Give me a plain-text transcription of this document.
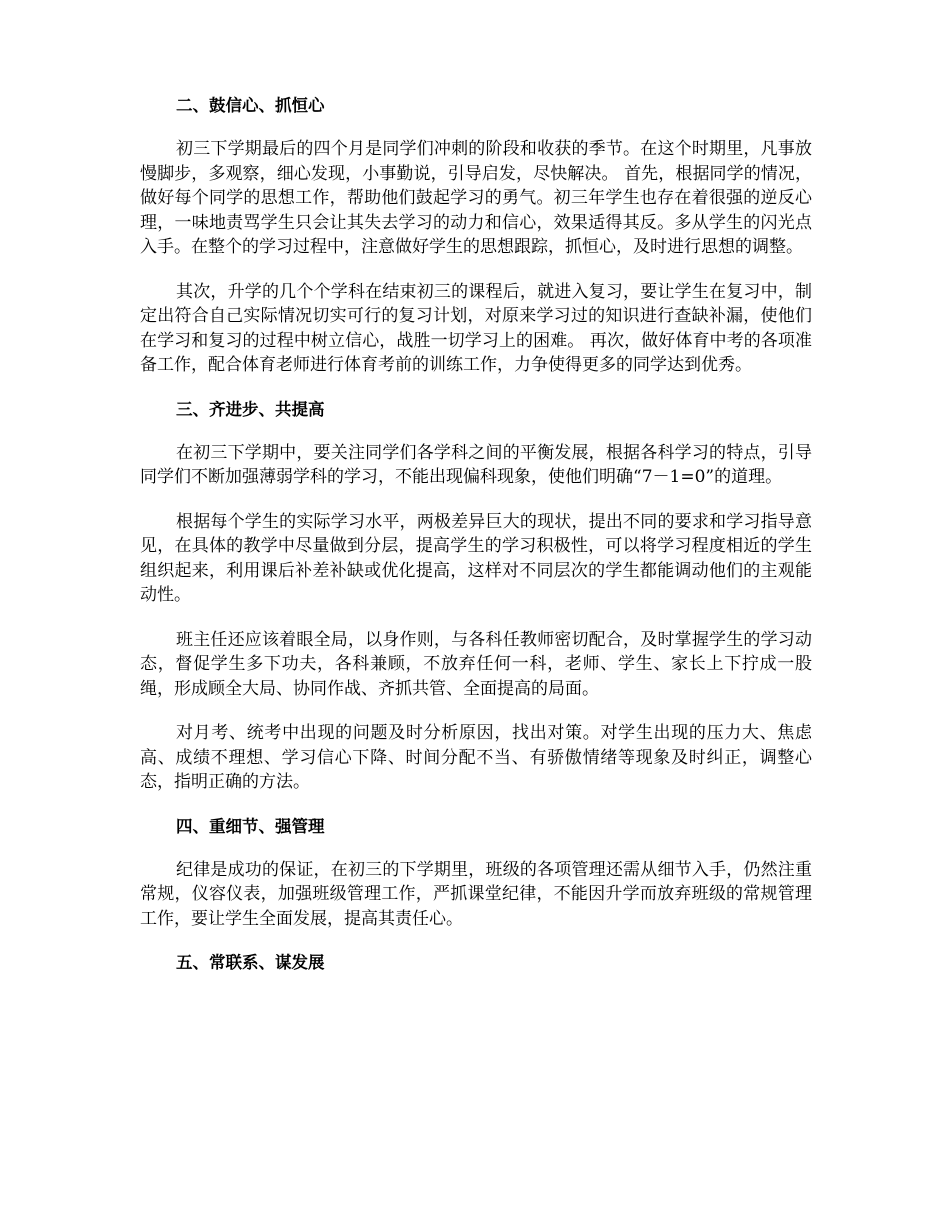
二、鼓信心、抓恒心

初三下学期最后的四个月是同学们冲刺的阶段和收获的季节。在这个时期里，凡事放慢脚步，多观察，细心发现，小事勤说，引导启发，尽快解决。 首先，根据同学的情况，做好每个同学的思想工作，帮助他们鼓起学习的勇气。初三年学生也存在着很强的逆反心理，一味地责骂学生只会让其失去学习的动力和信心，效果适得其反。多从学生的闪光点入手。在整个的学习过程中，注意做好学生的思想跟踪，抓恒心，及时进行思想的调整。

其次，升学的几个个学科在结束初三的课程后，就进入复习，要让学生在复习中，制定出符合自己实际情况切实可行的复习计划，对原来学习过的知识进行查缺补漏，使他们在学习和复习的过程中树立信心，战胜一切学习上的困难。 再次，做好体育中考的各项准备工作，配合体育老师进行体育考前的训练工作，力争使得更多的同学达到优秀。

三、齐进步、共提高

在初三下学期中，要关注同学们各学科之间的平衡发展，根据各科学习的特点，引导同学们不断加强薄弱学科的学习，不能出现偏科现象，使他们明确“7－1=0”的道理。

根据每个学生的实际学习水平，两极差异巨大的现状，提出不同的要求和学习指导意见，在具体的教学中尽量做到分层，提高学生的学习积极性，可以将学习程度相近的学生组织起来，利用课后补差补缺或优化提高，这样对不同层次的学生都能调动他们的主观能动性。

班主任还应该着眼全局，以身作则，与各科任教师密切配合，及时掌握学生的学习动态，督促学生多下功夫，各科兼顾，不放弃任何一科，老师、学生、家长上下拧成一股绳，形成顾全大局、协同作战、齐抓共管、全面提高的局面。

对月考、统考中出现的问题及时分析原因，找出对策。对学生出现的压力大、焦虑高、成绩不理想、学习信心下降、时间分配不当、有骄傲情绪等现象及时纠正，调整心态，指明正确的方法。

四、重细节、强管理

纪律是成功的保证，在初三的下学期里，班级的各项管理还需从细节入手，仍然注重常规，仪容仪表，加强班级管理工作，严抓课堂纪律，不能因升学而放弃班级的常规管理工作，要让学生全面发展，提高其责任心。

五、常联系、谋发展
